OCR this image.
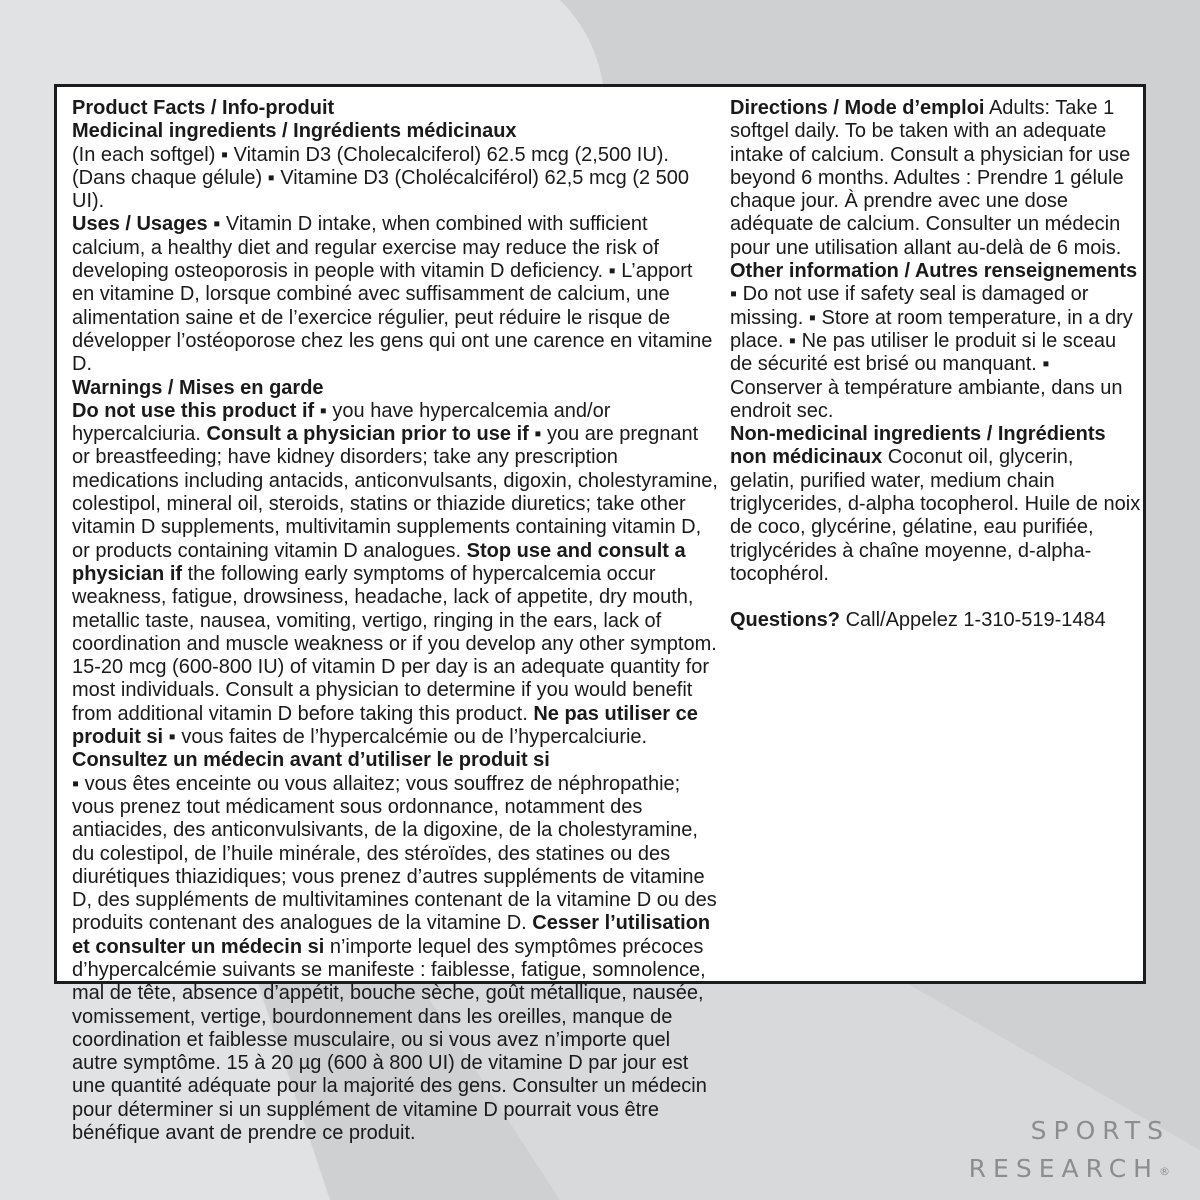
Product Facts / Info-produit

Medicinal ingredients / Ingrédients médicinaux

(In each softgel) ▪ Vitamin D3 (Cholecalciferol) 62.5 mcg (2,500 IU).

(Dans chaque gélule) ▪ Vitamine D3 (Cholécalciférol) 62,5 mcg (2 500 UI).

Uses / Usages ▪ Vitamin D intake, when combined with sufficient calcium, a healthy diet and regular exercise may reduce the risk of developing osteoporosis in people with vitamin D deficiency. ▪ L’apport en vitamine D, lorsque combiné avec suffisamment de calcium, une alimentation saine et de l’exercice régulier, peut réduire le risque de développer l’ostéoporose chez les gens qui ont une carence en vitamine D.

Warnings / Mises en garde

Do not use this product if ▪ you have hypercalcemia and/or hypercalciuria. Consult a physician prior to use if ▪ you are pregnant or breastfeeding; have kidney disorders; take any prescription medications including antacids, anticonvulsants, digoxin, cholestyramine, colestipol, mineral oil, steroids, statins or thiazide diuretics; take other vitamin D supplements, multivitamin supplements containing vitamin D, or products containing vitamin D analogues. Stop use and consult a physician if the following early symptoms of hypercalcemia occur weakness, fatigue, drowsiness, headache, lack of appetite, dry mouth, metallic taste, nausea, vomiting, vertigo, ringing in the ears, lack of coordination and muscle weakness or if you develop any other symptom. 15-20 mcg (600-800 IU) of vitamin D per day is an adequate quantity for most individuals. Consult a physician to determine if you would benefit from additional vitamin D before taking this product. Ne pas utiliser ce produit si ▪ vous faites de l’hypercalcémie ou de l’hypercalciurie. Consultez un médecin avant d’utiliser le produit si

▪ vous êtes enceinte ou vous allaitez; vous souffrez de néphropathie; vous prenez tout médicament sous ordonnance, notamment des antiacides, des anticonvulsivants, de la digoxine, de la cholestyramine, du colestipol, de l’huile minérale, des stéroïdes, des statines ou des diurétiques thiazidiques; vous prenez d’autres suppléments de vitamine D, des suppléments de multivitamines contenant de la vitamine D ou des produits contenant des analogues de la vitamine D. Cesser l’utilisation et consulter un médecin si n’importe lequel des symptômes précoces d’hypercalcémie suivants se manifeste : faiblesse, fatigue, somnolence, mal de tête, absence d’appétit, bouche sèche, goût métallique, nausée, vomissement, vertige, bourdonnement dans les oreilles, manque de coordination et faiblesse musculaire, ou si vous avez n’importe quel autre symptôme. 15 à 20 µg (600 à 800 UI) de vitamine D par jour est une quantité adéquate pour la majorité des gens. Consulter un médecin pour déterminer si un supplément de vitamine D pourrait vous être bénéfique avant de prendre ce produit.

Directions / Mode d’emploi Adults: Take 1 softgel daily. To be taken with an adequate intake of calcium. Consult a physician for use beyond 6 months. Adultes : Prendre 1 gélule chaque jour. À prendre avec une dose adéquate de calcium. Consulter un médecin pour une utilisation allant au-delà de 6 mois.

Other information / Autres renseignements

▪ Do not use if safety seal is damaged or missing. ▪ Store at room temperature, in a dry place. ▪ Ne pas utiliser le produit si le sceau de sécurité est brisé ou manquant. ▪ Conserver à température ambiante, dans un endroit sec.

Non-medicinal ingredients / Ingrédients non médicinaux Coconut oil, glycerin, gelatin, purified water, medium chain triglycerides, d-alpha tocopherol. Huile de noix de coco, glycérine, gélatine, eau purifiée, triglycérides à chaîne moyenne, d-alpha-tocophérol.

Questions? Call/Appelez 1-310-519-1484

SPORTS
RESEARCH®
